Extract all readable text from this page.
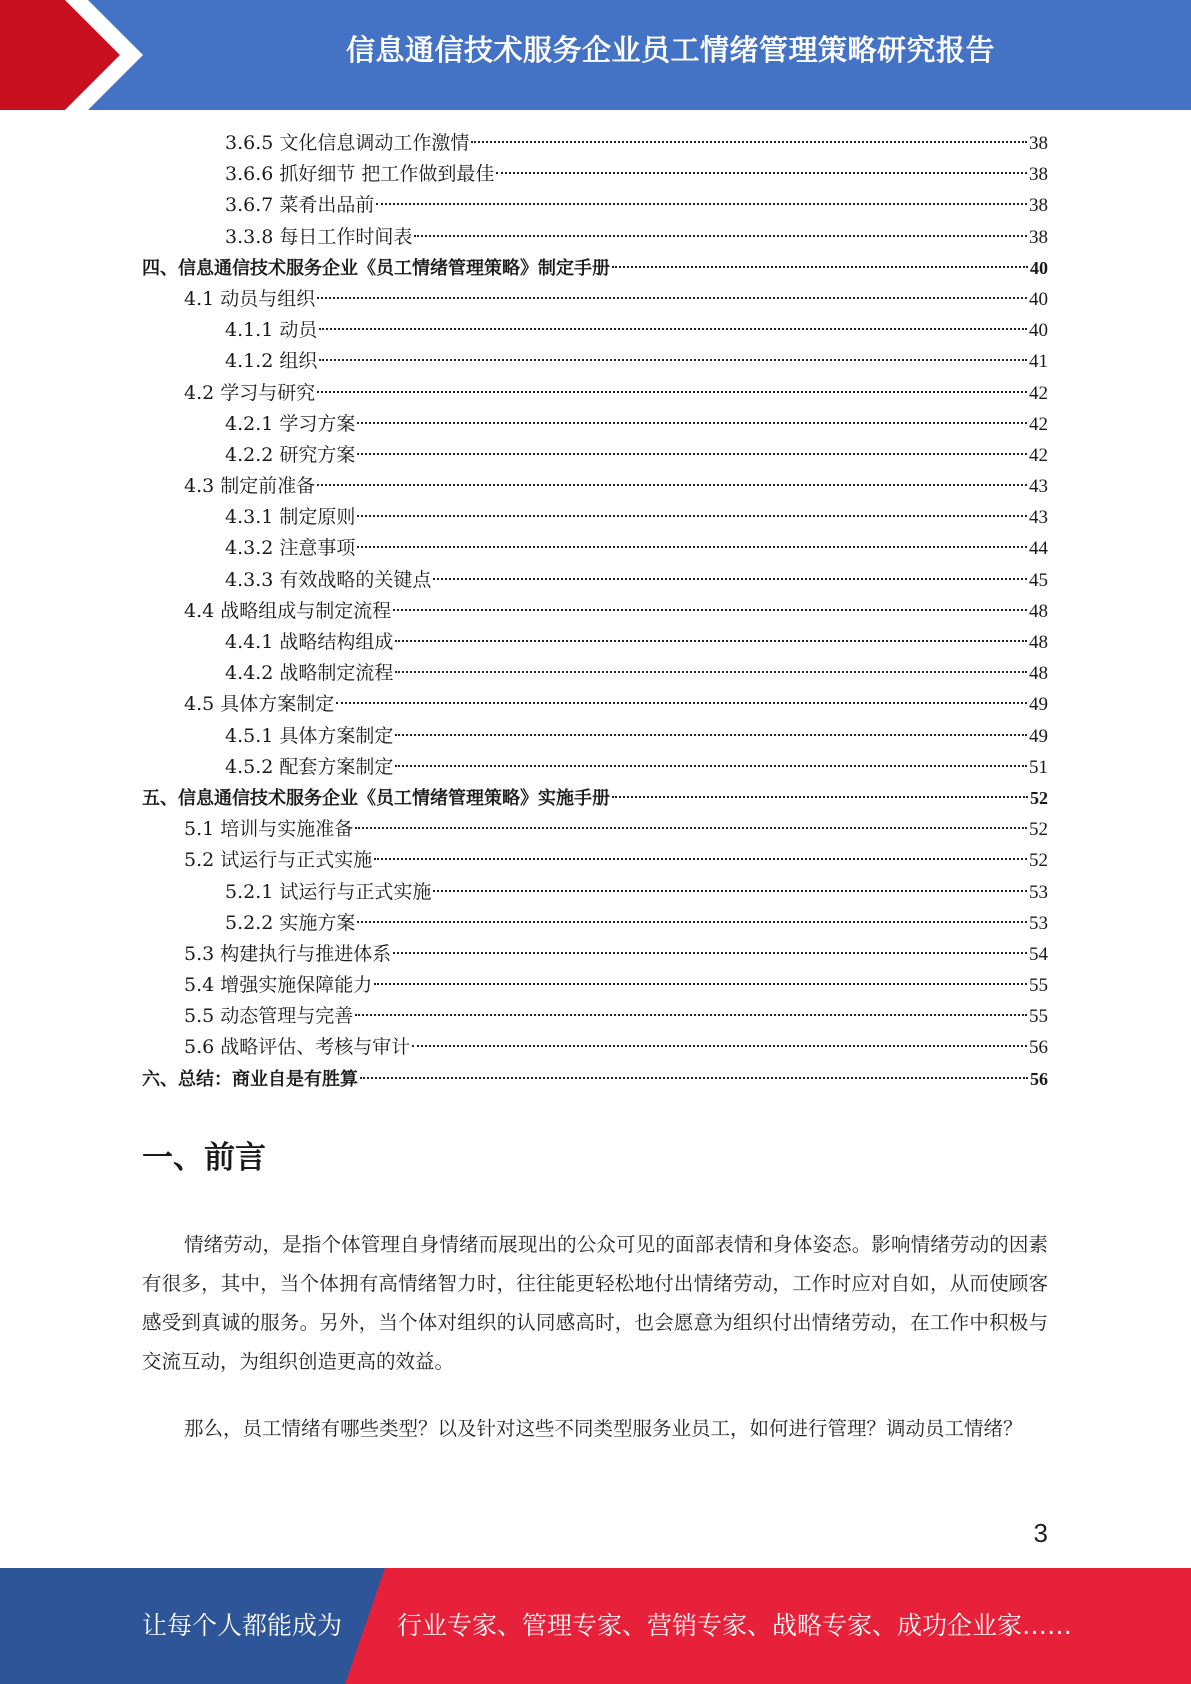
信息通信技术服务企业员工情绪管理策略研究报告
3.6.5 文化信息调动工作激情	38
3.6.6 抓好细节 把工作做到最佳	38
3.6.7 菜肴出品前	38
3.3.8 每日工作时间表	38
四、信息通信技术服务企业《员工情绪管理策略》制定手册	40
4.1 动员与组织	40
4.1.1 动员	40
4.1.2 组织	41
4.2 学习与研究	42
4.2.1 学习方案	42
4.2.2 研究方案	42
4.3 制定前准备	43
4.3.1 制定原则	43
4.3.2 注意事项	44
4.3.3 有效战略的关键点	45
4.4 战略组成与制定流程	48
4.4.1 战略结构组成	48
4.4.2 战略制定流程	48
4.5 具体方案制定	49
4.5.1 具体方案制定	49
4.5.2 配套方案制定	51
五、信息通信技术服务企业《员工情绪管理策略》实施手册	52
5.1 培训与实施准备	52
5.2 试运行与正式实施	52
5.2.1 试运行与正式实施	53
5.2.2 实施方案	53
5.3 构建执行与推进体系	54
5.4 增强实施保障能力	55
5.5 动态管理与完善	55
5.6 战略评估、考核与审计	56
六、总结：商业自是有胜算	56
一、前言

情绪劳动，是指个体管理自身情绪而展现出的公众可见的面部表情和身体姿态。影响情绪劳动的因素有很多，其中，当个体拥有高情绪智力时，往往能更轻松地付出情绪劳动，工作时应对自如，从而使顾客感受到真诚的服务。另外，当个体对组织的认同感高时，也会愿意为组织付出情绪劳动，在工作中积极与交流互动，为组织创造更高的效益。

那么，员工情绪有哪些类型？以及针对这些不同类型服务业员工，如何进行管理？调动员工情绪？

3
让每个人都能成为 行业专家、管理专家、营销专家、战略专家、成功企业家……
